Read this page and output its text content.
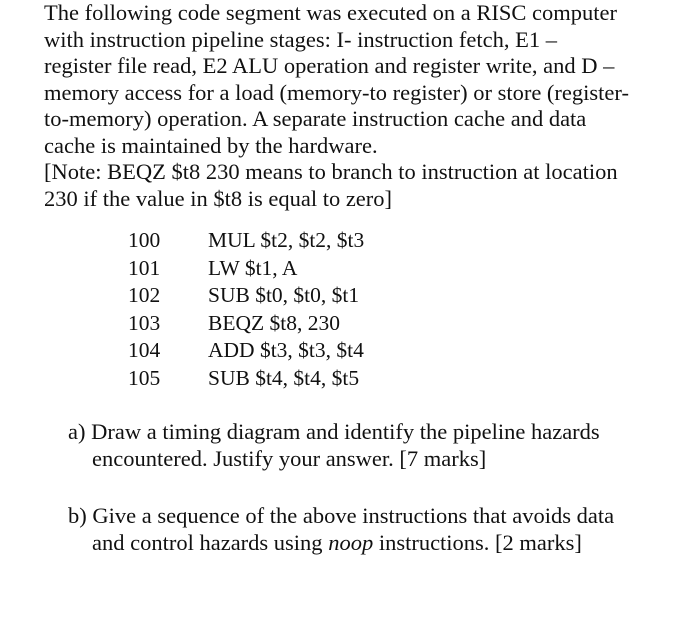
The following code segment was executed on a RISC computer

with instruction pipeline stages: I- instruction fetch, E1 –

register file read, E2 ALU operation and register write, and D –

memory access for a load (memory-to register) or store (register-

to-memory) operation. A separate instruction cache and data

cache is maintained by the hardware.

[Note: BEQZ $t8 230 means to branch to instruction at location

230 if the value in $t8 is equal to zero]

100	MUL $t2, $t2, $t3
101	LW $t1, A
102	SUB $t0, $t0, $t1
103	BEQZ $t8, 230
104	ADD $t3, $t3, $t4
105	SUB $t4, $t4, $t5

a) Draw a timing diagram and identify the pipeline hazards

encountered. Justify your answer. [7 marks]

b) Give a sequence of the above instructions that avoids data

and control hazards using noop instructions. [2 marks]
